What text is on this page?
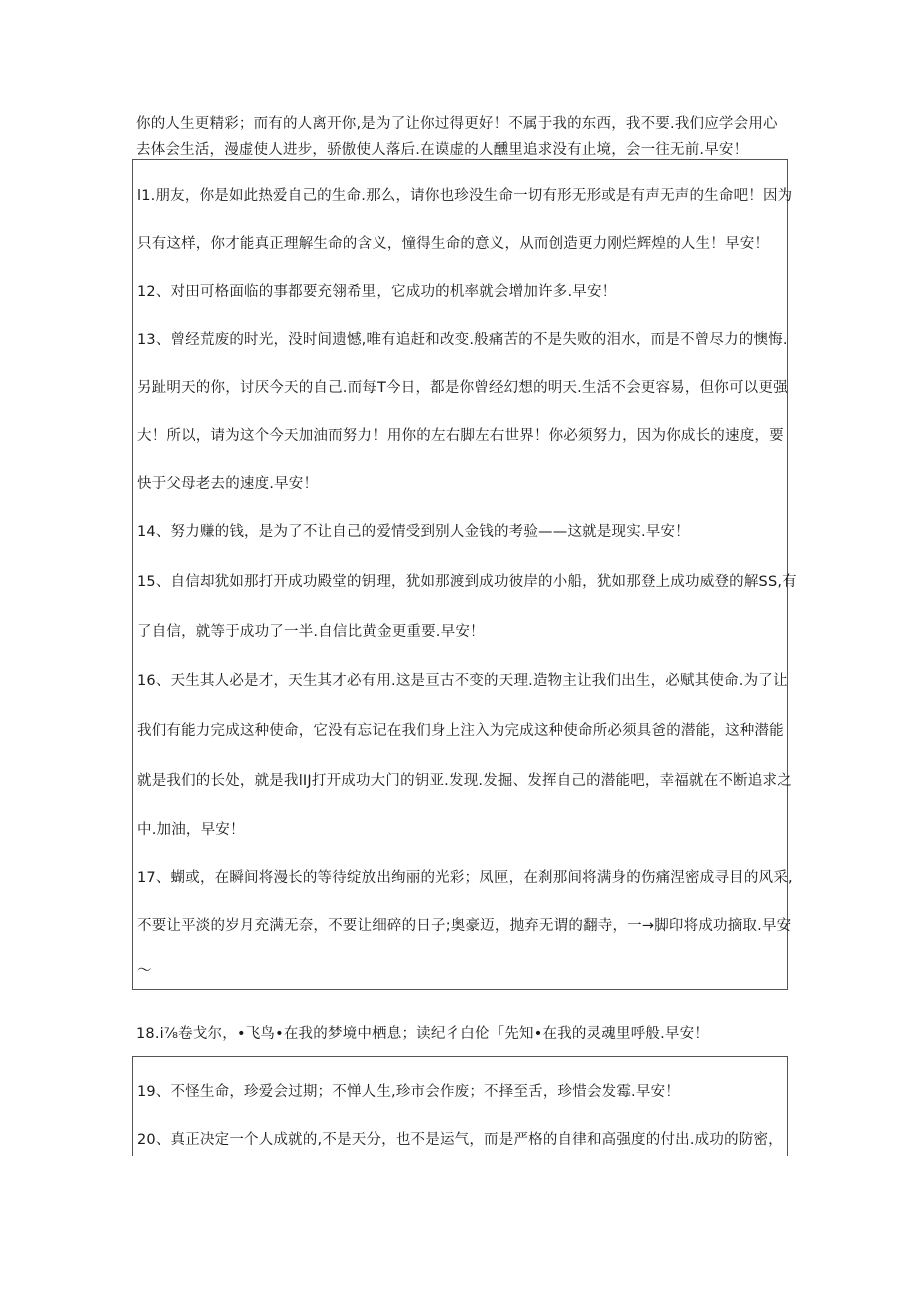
你的人生更精彩；而有的人离开你,是为了让你过得更好！不属于我的东西，我不要.我们应学会用心
去体会生活，漫虚使人进步，骄傲使人落后.在谟虚的人醺里追求没有止境，会一往无前.早安！
l1.朋友，你是如此热爱自己的生命.那么，请你也珍没生命一切有形无形或是有声无声的生命吧！因为
只有这样，你才能真正理解生命的含义，憧得生命的意义，从而创造更力刚烂辉煌的人生！早安！
12、对田可格面临的事都要充翎希里，它成功的机率就会增加许多.早安！
13、曾经荒废的时光，没时间遗憾,唯有追赶和改变.般痛苦的不是失败的泪水，而是不曾尽力的懊悔.
另趾明天的你，讨厌今天的自己.而每T今日，都是你曾经幻想的明天.生活不会更容易，但你可以更强
大！所以，请为这个今天加油而努力！用你的左右脚左右世界！你必须努力，因为你成长的速度，要
快于父母老去的速度.早安！
14、努力赚的钱，是为了不让自己的爱情受到别人金钱的考验——这就是现实.早安！
15、自信却犹如那打开成功殿堂的钥理，犹如那渡到成功彼岸的小船，犹如那登上成功威登的解SS,有
了自信，就等于成功了一半.自信比黄金更重要.早安！
16、天生其人必是才，天生其才必有用.这是亘古不变的天理.造物主让我们出生，必赋其使命.为了让
我们有能力完成这种使命，它没有忘记在我们身上注入为完成这种使命所必须具爸的潜能，这种潜能
就是我们的长处，就是我lIJ打开成功大门的钥亚.发现.发掘、发挥自己的潜能吧，幸福就在不断追求之
中.加油，早安！
17、蝴或，在瞬间将漫长的等待绽放出绚丽的光彩；凤匣，在刹那间将满身的伤痛涅密成寻目的风采,
不要让平淡的岁月充满无奈，不要让细碎的日子;奥豪迈，抛弃无谓的翻寺，一→脚印将成功摘取.早安
〜
18.i⅞卷戈尔，•飞鸟•在我的梦境中栖息；读纪彳白伦「先知•在我的灵魂里呼般.早安！
19、不怪生命，珍爱会过期；不惮人生,珍市会作废；不择至舌，珍惜会发霉.早安！
20、真正决定一个人成就的,不是天分，也不是运气，而是严格的自律和高强度的付出.成功的防密，
